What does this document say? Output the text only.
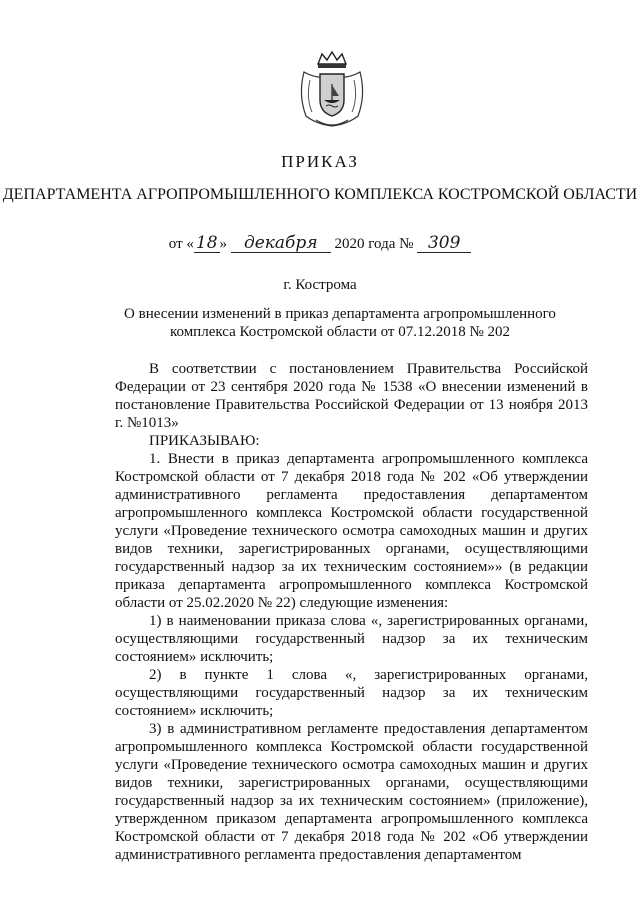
ПРИКАЗ
ДЕПАРТАМЕНТА АГРОПРОМЫШЛЕННОГО КОМПЛЕКСА КОСТРОМСКОЙ ОБЛАСТИ
от « 18 » декабря 2020 года № 309
г. Кострома
О внесении изменений в приказ департамента агропромышленного комплекса Костромской области от 07.12.2018 № 202

В соответствии с постановлением Правительства Российской Федерации от 23 сентября 2020 года № 1538 «О внесении изменений в постановление Правительства Российской Федерации от 13 ноября 2013 г. №1013»

ПРИКАЗЫВАЮ:

1. Внести в приказ департамента агропромышленного комплекса Костромской области от 7 декабря 2018 года № 202 «Об утверждении административного регламента предоставления департаментом агропромышленного комплекса Костромской области государственной услуги «Проведение технического осмотра самоходных машин и других видов техники, зарегистрированных органами, осуществляющими государственный надзор за их техническим состоянием»» (в редакции приказа департамента агропромышленного комплекса Костромской области от 25.02.2020 № 22) следующие изменения:

1) в наименовании приказа слова «, зарегистрированных органами, осуществляющими государственный надзор за их техническим состоянием» исключить;

2) в пункте 1 слова «, зарегистрированных органами, осуществляющими государственный надзор за их техническим состоянием» исключить;

3) в административном регламенте предоставления департаментом агропромышленного комплекса Костромской области государственной услуги «Проведение технического осмотра самоходных машин и других видов техники, зарегистрированных органами, осуществляющими государственный надзор за их техническим состоянием» (приложение), утвержденном приказом департамента агропромышленного комплекса Костромской области от 7 декабря 2018 года № 202 «Об утверждении административного регламента предоставления департаментом
